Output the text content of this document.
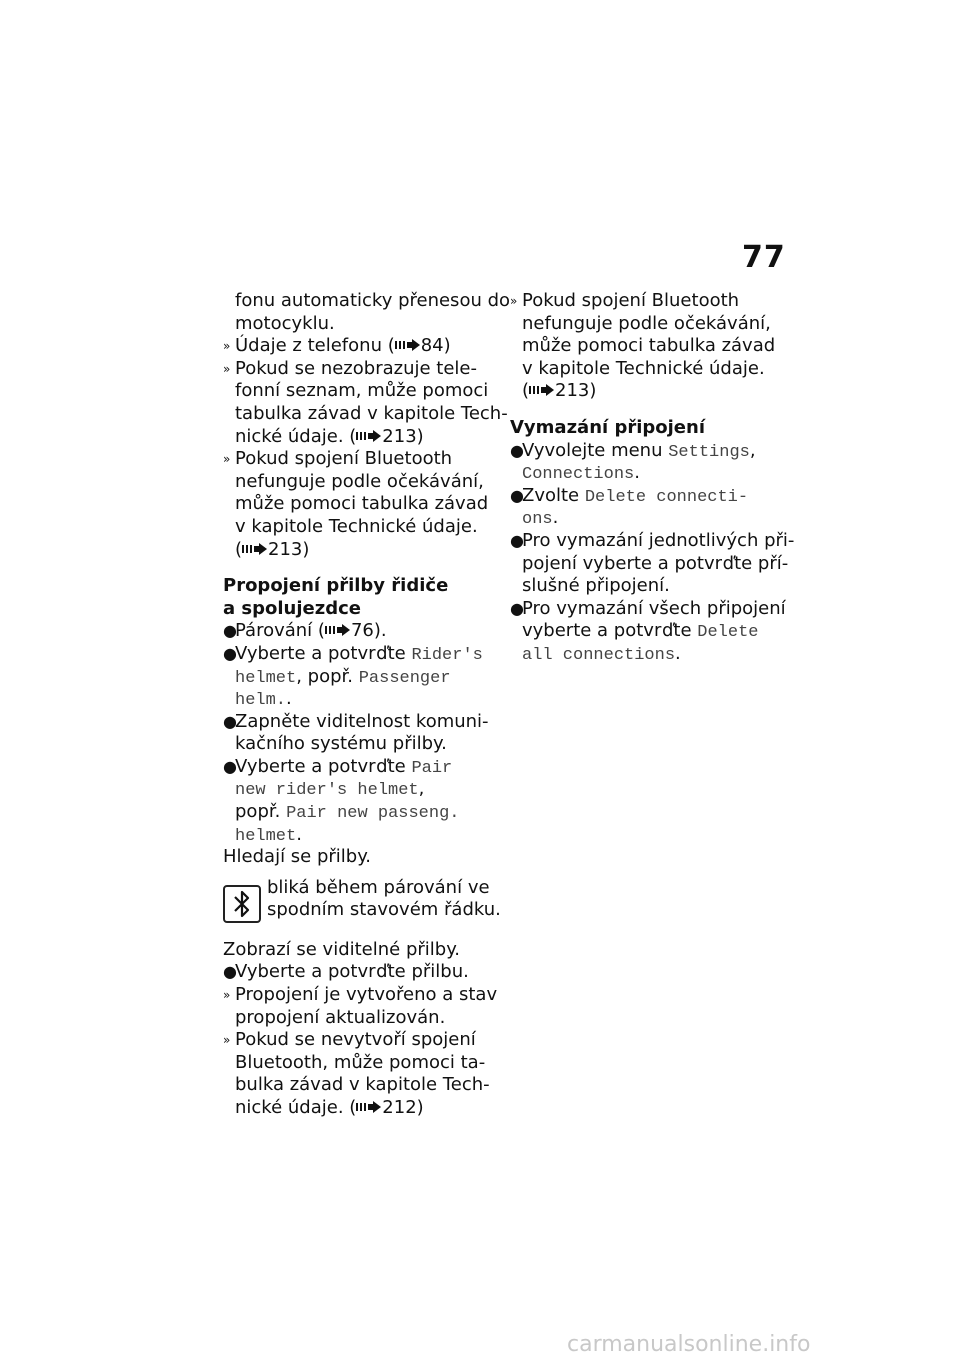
77
fonu automaticky přenesou do
motocyklu.
» Údaje z telefonu ( 84)
» Pokud se nezobrazuje tele-
fonní seznam, může pomoci
tabulka závad v kapitole Tech-
nické údaje. ( 213)
» Pokud spojení Bluetooth
nefunguje podle očekávání,
může pomoci tabulka závad
v kapitole Technické údaje.
( 213)
Propojení přilby řidiče
a spolujezdce
●
Párování ( 76).
●
Vyberte a potvrďte Rider's
helmet, popř. Passenger
helm..
●
Zapněte viditelnost komuni-
kačního systému přilby.
●
Vyberte a potvrďte Pair
new rider's helmet,
popř. Pair new passeng.
helmet.
Hledají se přilby.
bliká během párování ve
spodním stavovém řádku.
Zobrazí se viditelné přilby.
●
Vyberte a potvrďte přilbu.
» Propojení je vytvořeno a stav
propojení aktualizován.
» Pokud se nevytvoří spojení
Bluetooth, může pomoci ta-
bulka závad v kapitole Tech-
nické údaje. ( 212)
» Pokud spojení Bluetooth
nefunguje podle očekávání,
může pomoci tabulka závad
v kapitole Technické údaje.
( 213)
Vymazání připojení
●
Vyvolejte menu Settings,
Connections.
●
Zvolte Delete connecti-
ons.
●
Pro vymazání jednotlivých při-
pojení vyberte a potvrďte pří-
slušné připojení.
●
Pro vymazání všech připojení
vyberte a potvrďte Delete
all connections.
carmanualsonline.info
